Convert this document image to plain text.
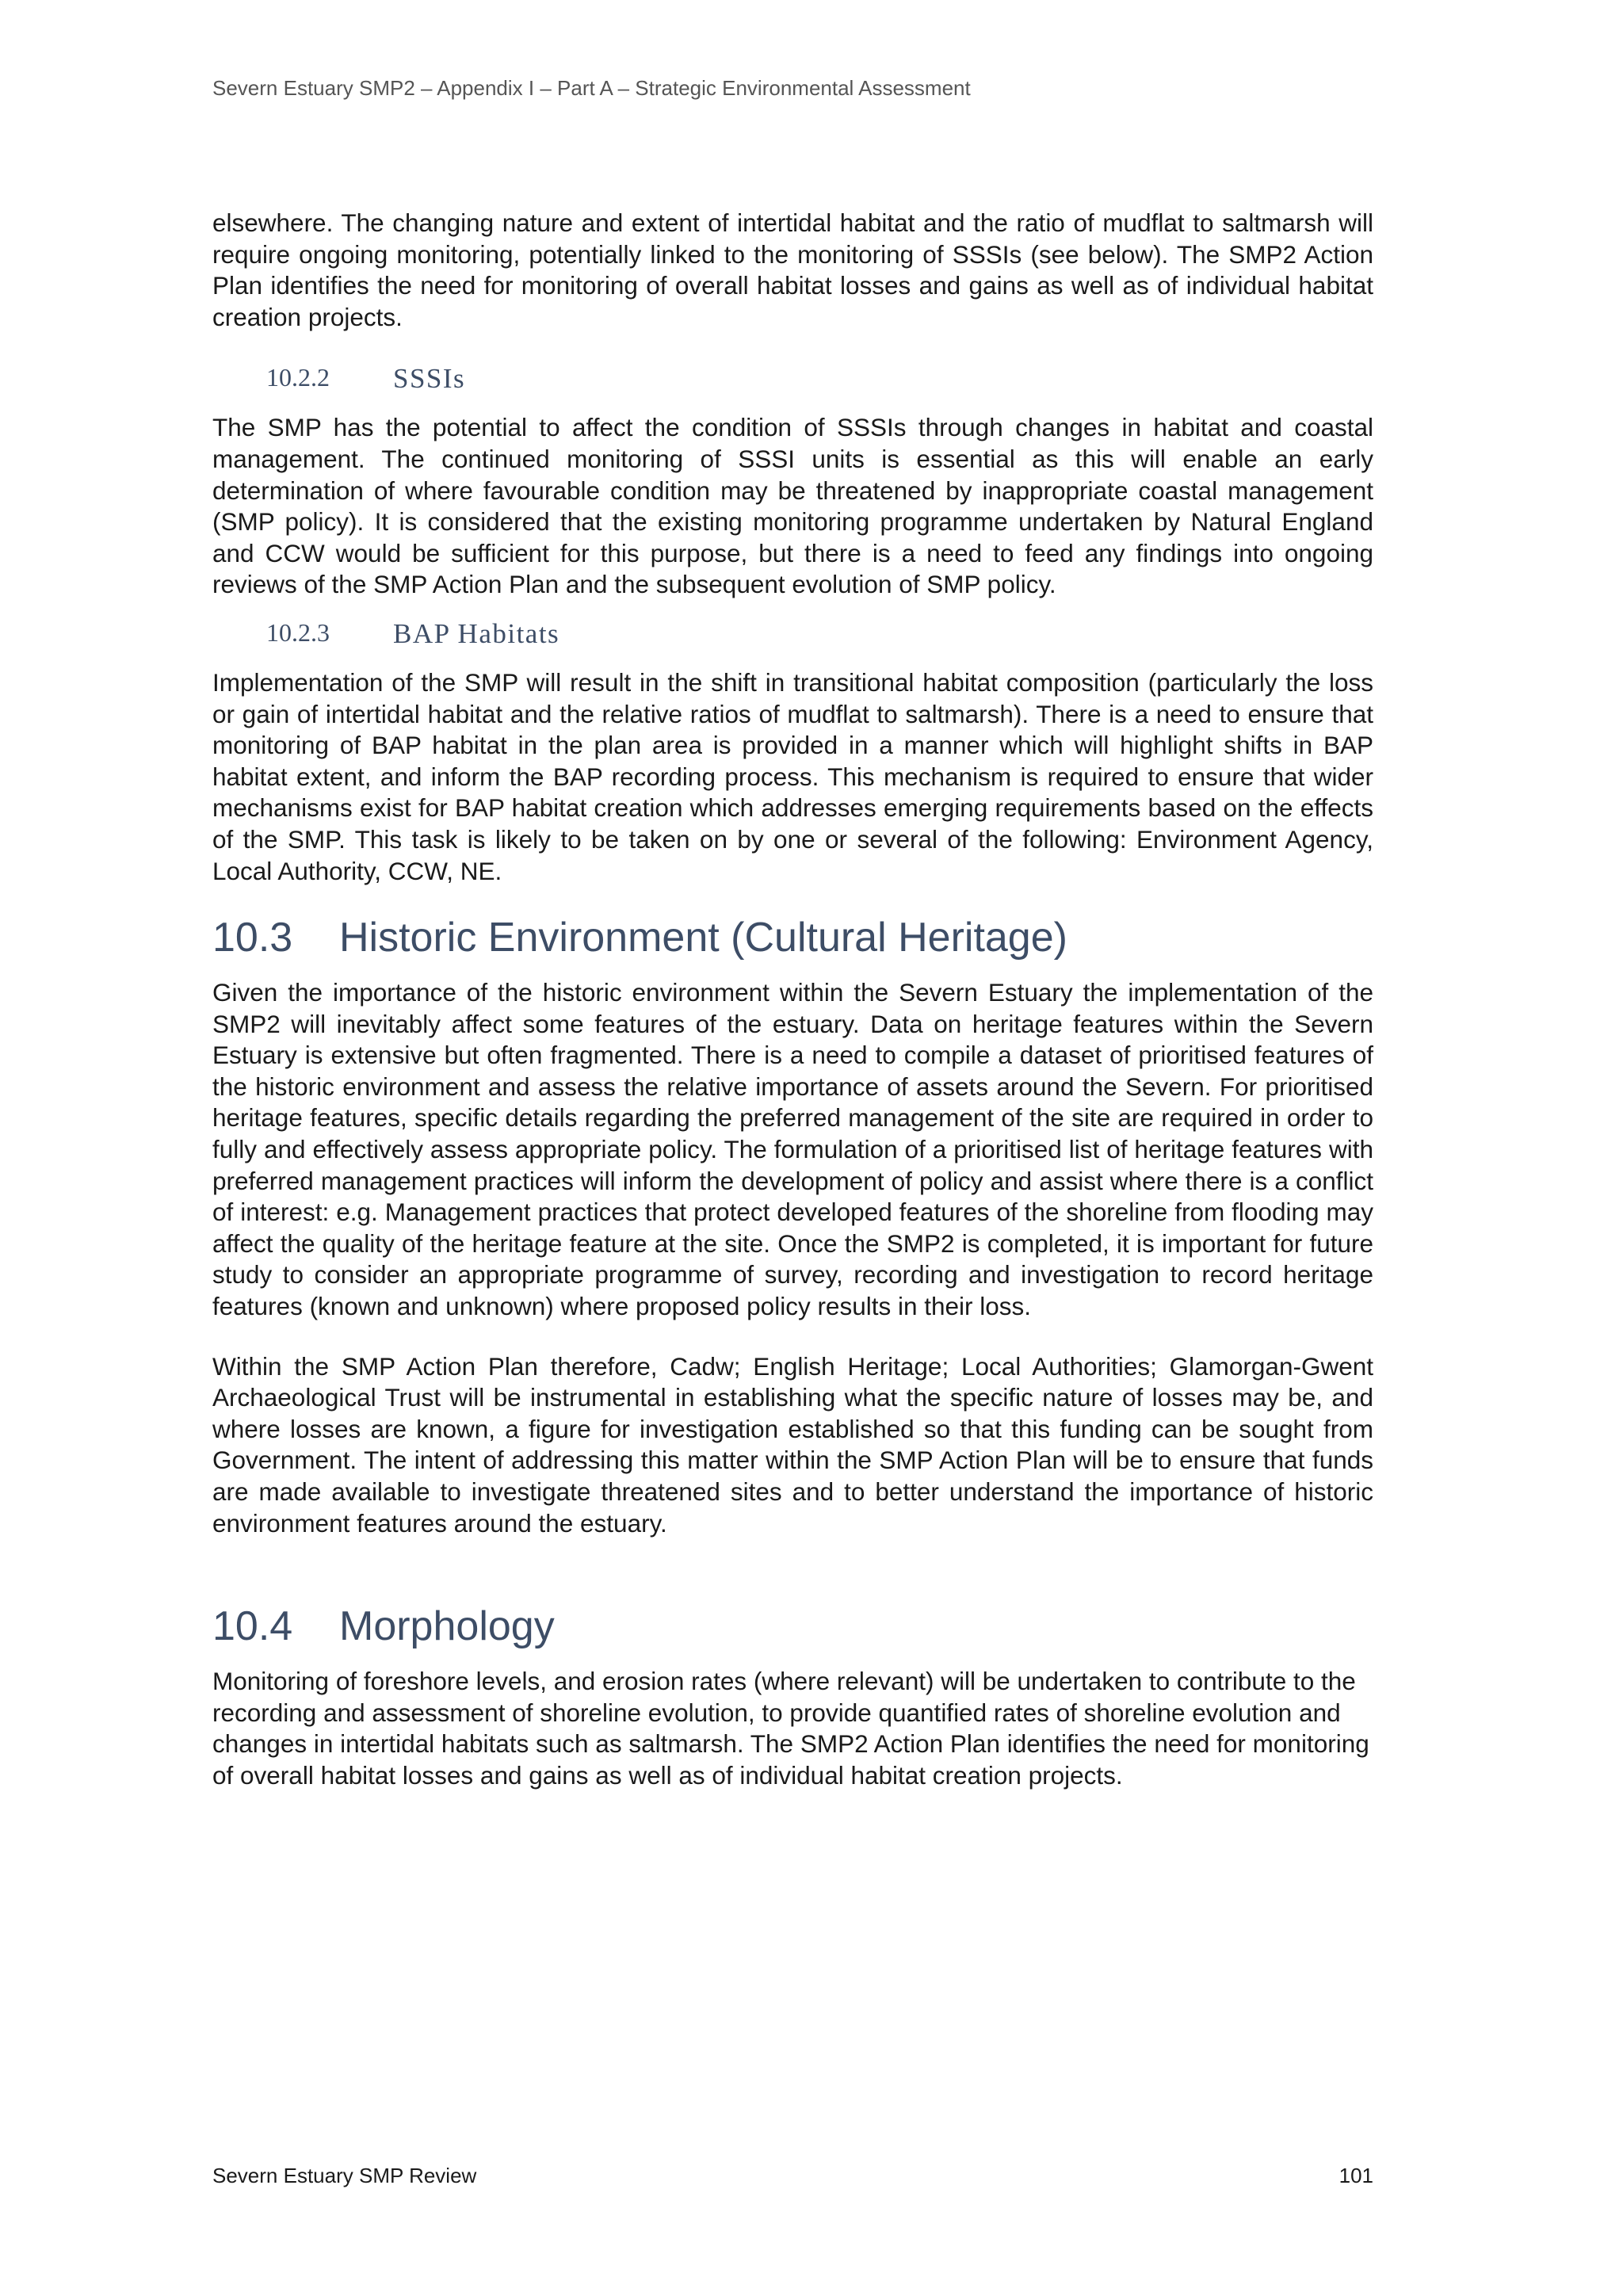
Severn Estuary SMP2 – Appendix I – Part A – Strategic Environmental Assessment

elsewhere. The changing nature and extent of intertidal habitat and the ratio of mudflat to saltmarsh will require ongoing monitoring, potentially linked to the monitoring of SSSIs (see below). The SMP2 Action Plan identifies the need for monitoring of overall habitat losses and gains as well as of individual habitat creation projects.

10.2.2	SSSIs

The SMP has the potential to affect the condition of SSSIs through changes in habitat and coastal management. The continued monitoring of SSSI units is essential as this will enable an early determination of where favourable condition may be threatened by inappropriate coastal management (SMP policy). It is considered that the existing monitoring programme undertaken by Natural England and CCW would be sufficient for this purpose, but there is a need to feed any findings into ongoing reviews of the SMP Action Plan and the subsequent evolution of SMP policy.

10.2.3	BAP Habitats

Implementation of the SMP will result in the shift in transitional habitat composition (particularly the loss or gain of intertidal habitat and the relative ratios of mudflat to saltmarsh). There is a need to ensure that monitoring of BAP habitat in the plan area is provided in a manner which will highlight shifts in BAP habitat extent, and inform the BAP recording process. This mechanism is required to ensure that wider mechanisms exist for BAP habitat creation which addresses emerging requirements based on the effects of the SMP. This task is likely to be taken on by one or several of the following: Environment Agency, Local Authority, CCW, NE.

10.3	Historic Environment (Cultural Heritage)

Given the importance of the historic environment within the Severn Estuary the implementation of the SMP2 will inevitably affect some features of the estuary. Data on heritage features within the Severn Estuary is extensive but often fragmented. There is a need to compile a dataset of prioritised features of the historic environment and assess the relative importance of assets around the Severn. For prioritised heritage features, specific details regarding the preferred management of the site are required in order to fully and effectively assess appropriate policy. The formulation of a prioritised list of heritage features with preferred management practices will inform the development of policy and assist where there is a conflict of interest: e.g. Management practices that protect developed features of the shoreline from flooding may affect the quality of the heritage feature at the site. Once the SMP2 is completed, it is important for future study to consider an appropriate programme of survey, recording and investigation to record heritage features (known and unknown) where proposed policy results in their loss.

Within the SMP Action Plan therefore, Cadw; English Heritage; Local Authorities; Glamorgan-Gwent Archaeological Trust will be instrumental in establishing what the specific nature of losses may be, and where losses are known, a figure for investigation established so that this funding can be sought from Government. The intent of addressing this matter within the SMP Action Plan will be to ensure that funds are made available to investigate threatened sites and to better understand the importance of historic environment features around the estuary.

10.4	Morphology

Monitoring of foreshore levels, and erosion rates (where relevant) will be undertaken to contribute to the recording and assessment of shoreline evolution, to provide quantified rates of shoreline evolution and changes in intertidal habitats such as saltmarsh. The SMP2 Action Plan identifies the need for monitoring of overall habitat losses and gains as well as of individual habitat creation projects.

Severn Estuary SMP Review	101
